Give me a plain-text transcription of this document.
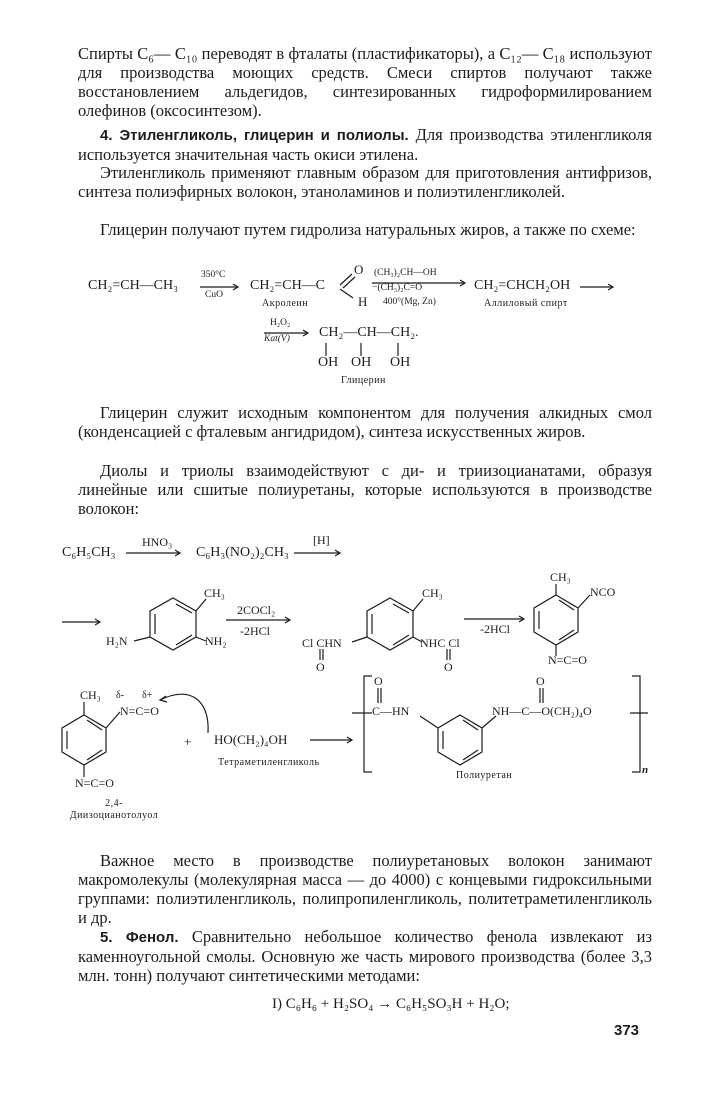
Спирты C₆— C₁₀ переводят в фталаты (пластификаторы), а C₁₂— C₁₈ используют для производства моющих средств. Смеси спиртов получают также восстановлением альдегидов, синтезированных гидроформилированием олефинов (оксосинтезом).

4. Этиленгликоль, глицерин и полиолы. Для производства этиленгликоля используется значительная часть окиси этилена.

Этиленгликоль применяют главным образом для приготовления антифризов, синтеза полиэфирных волокон, этаноламинов и полиэтиленгликолей.

Глицерин получают путем гидролиза натуральных жиров, а также по схеме:

CH₂=CH—CH₃
350°C
CuO
CH₂=CH—C
O
H
Акролеин
(CH₃)₂CH—OH
−(CH₃)₂C=O
400°(Mg, Zn)
CH₂=CHCH₂OH
Аллиловый спирт
H₂O₂
Kat(V) CH₂—CH—CH₂.
OH OH OH
Глицерин

Глицерин служит исходным компонентом для получения алкидных смол (конденсацией с фталевым ангидридом), синтеза искусственных жиров.

Диолы и триолы взаимодействуют с ди- и триизоцианатами, образуя линейные или сшитые полиуретаны, которые используются в производстве волокон:

C₆H₅CH₃
HNO₃
C₆H₃(NO₂)₂CH₃
[H]
CH₃
H₂N	NH₂
2COCl₂
-2HCl
CH₃
Cl CHN
O
NHC Cl
O
-2HCl
CH₃
NCO
N=C=O
CH₃ δ- δ+
N=C=O
N=C=O
2,4-Диизоцианотолуол
+ HO(CH₂)₄OH
Тетраметиленгликоль
O
C—HN
O
NH—C—O(CH₂)₄O
Полиуретан	n

Важное место в производстве полиуретановых волокон занимают макромолекулы (молекулярная масса — до 4000) с концевыми гидроксильными группами: полиэтиленгликоль, полипропиленгликоль, политетраметиленгликоль и др.

5. Фенол. Сравнительно небольшое количество фенола извлекают из каменноугольной смолы. Основную же часть мирового производства (более 3,3 млн. тонн) получают синтетическими методами:

I) C₆H₆ + H₂SO₄ → C₆H₅SO₃H + H₂O;
373
